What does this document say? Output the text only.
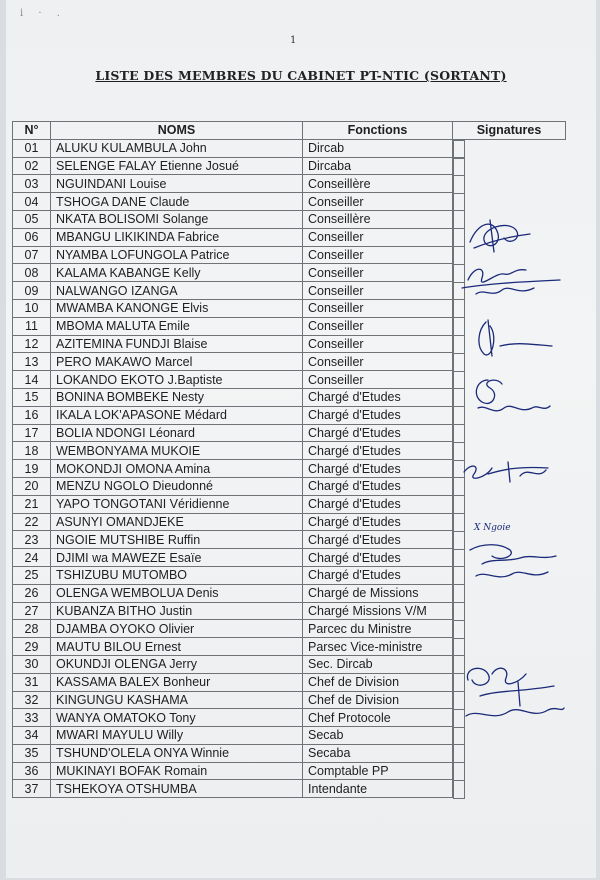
i · .
1
LISTE DES MEMBRES DU CABINET PT-NTIC (SORTANT)
N°	NOMS	Fonctions	Signatures
01	ALUKU KULAMBULA John	Dircab	

02	SELENGE FALAY Etienne Josué	Dircaba	

03	NGUINDANI Louise	Conseillère	

04	TSHOGA DANE Claude	Conseiller	

05	NKATA BOLISOMI Solange	Conseillère	

06	MBANGU LIKIKINDA Fabrice	Conseiller	

07	NYAMBA LOFUNGOLA Patrice	Conseiller	

08	KALAMA KABANGE Kelly	Conseiller	

09	NALWANGO IZANGA	Conseiller	

10	MWAMBA KANONGE Elvis	Conseiller	

11	MBOMA MALUTA Emile	Conseiller	

12	AZITEMINA FUNDJI Blaise	Conseiller	

13	PERO MAKAWO Marcel	Conseiller	

14	LOKANDO EKOTO J.Baptiste	Conseiller	

15	BONINA BOMBEKE Nesty	Chargé d'Etudes	

16	IKALA LOK'APASONE Médard	Chargé d'Etudes	

17	BOLIA NDONGI Léonard	Chargé d'Etudes	

18	WEMBONYAMA MUKOIE	Chargé d'Etudes	

19	MOKONDJI OMONA Amina	Chargé d'Etudes	

20	MENZU NGOLO Dieudonné	Chargé d'Etudes	

21	YAPO TONGOTANI Véridienne	Chargé d'Etudes	

22	ASUNYI OMANDJEKE	Chargé d'Etudes	

23	NGOIE MUTSHIBE Ruffin	Chargé d'Etudes	

24	DJIMI wa MAWEZE Esaïe	Chargé d'Etudes	

25	TSHIZUBU MUTOMBO	Chargé d'Etudes	

26	OLENGA WEMBOLUA Denis	Chargé de Missions	

27	KUBANZA BITHO Justin	Chargé Missions V/M	

28	DJAMBA OYOKO Olivier	Parcec du Ministre	

29	MAUTU BILOU Ernest	Parsec Vice-ministre	

30	OKUNDJI OLENGA Jerry	Sec. Dircab	

31	KASSAMA BALEX Bonheur	Chef de Division	

32	KINGUNGU KASHAMA	Chef de Division	

33	WANYA OMATOKO Tony	Chef Protocole	

34	MWARI MAYULU Willy	Secab	

35	TSHUND'OLELA ONYA Winnie	Secaba	

36	MUKINAYI BOFAK Romain	Comptable PP	

37	TSHEKOYA OTSHUMBA	Intendante	
X Ngoie
